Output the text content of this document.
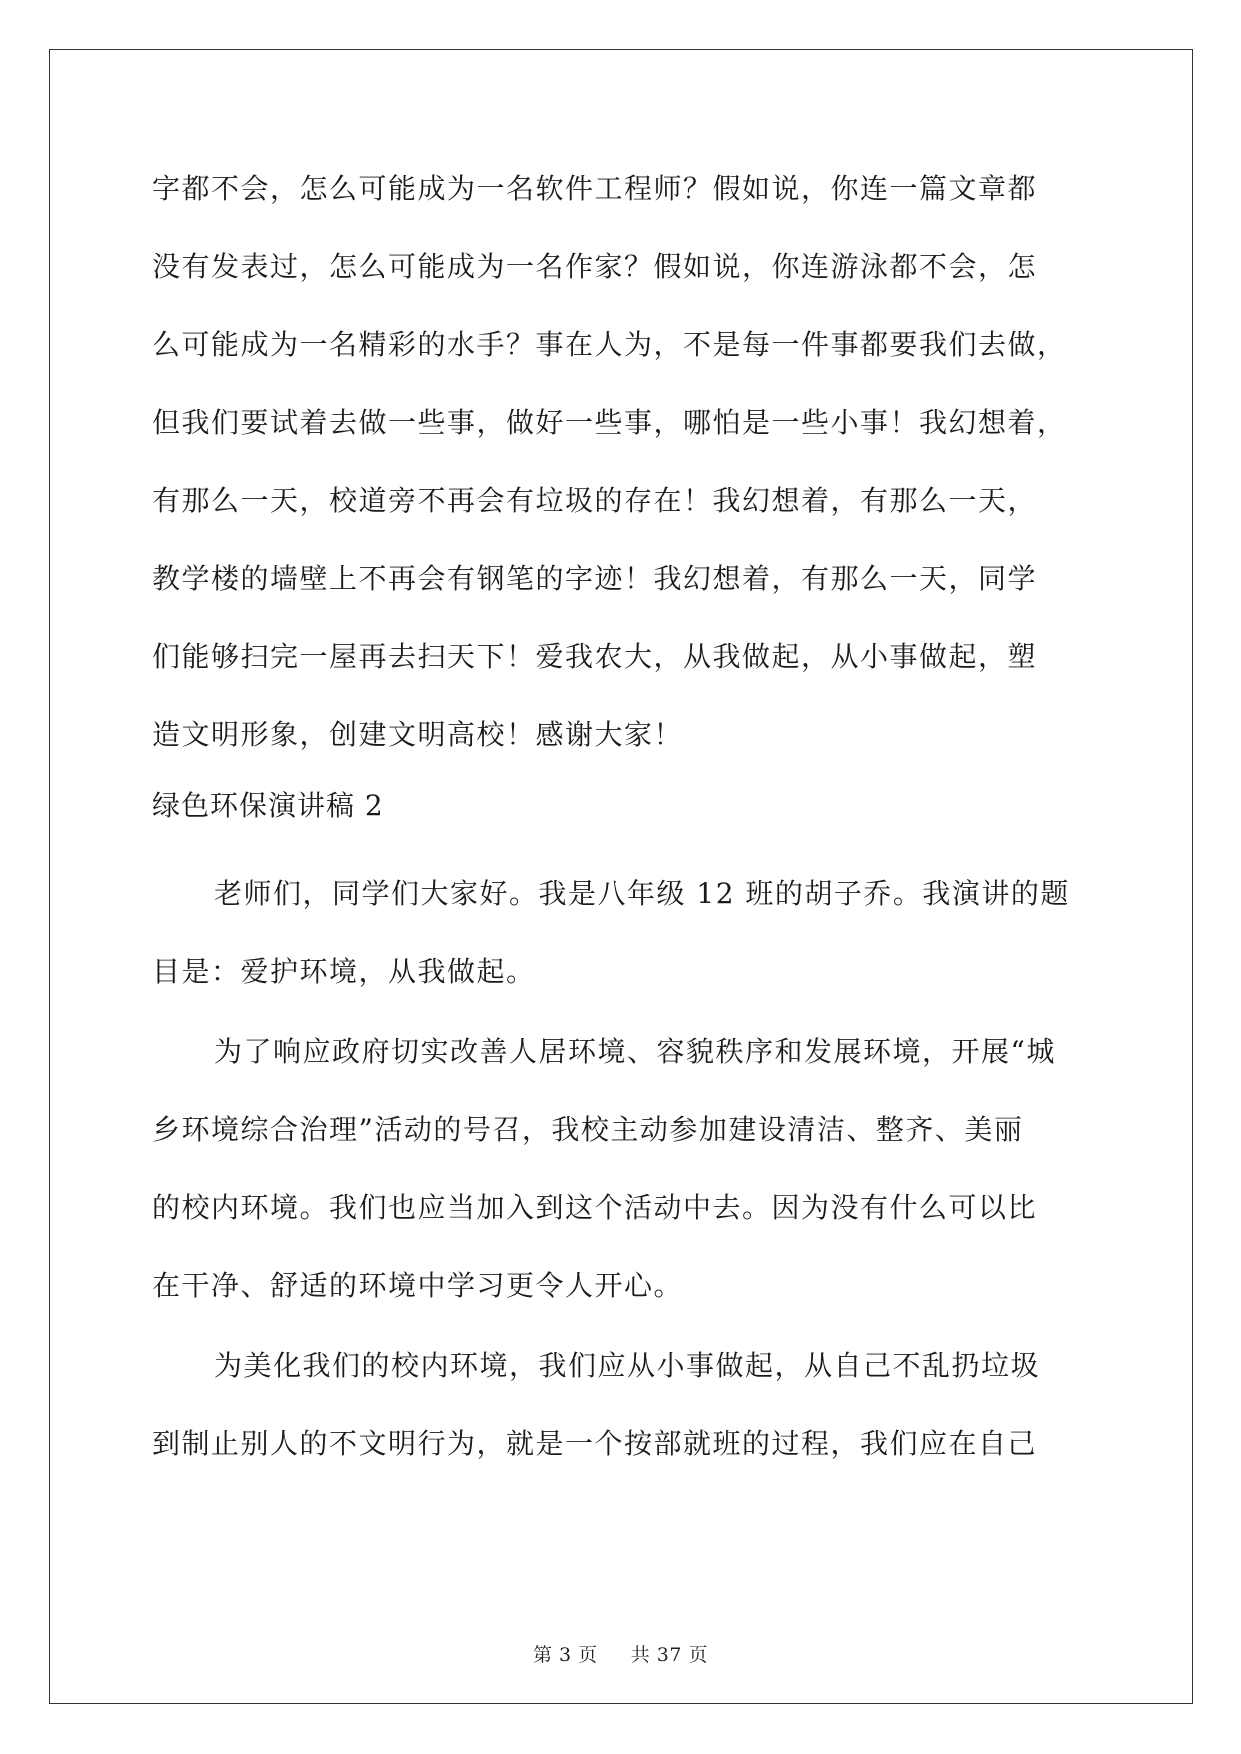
字都不会，怎么可能成为一名软件工程师？假如说，你连一篇文章都
没有发表过，怎么可能成为一名作家？假如说，你连游泳都不会，怎
么可能成为一名精彩的水手？事在人为，不是每一件事都要我们去做，
但我们要试着去做一些事，做好一些事，哪怕是一些小事！我幻想着，
有那么一天，校道旁不再会有垃圾的存在！我幻想着，有那么一天，
教学楼的墙壁上不再会有钢笔的字迹！我幻想着，有那么一天，同学
们能够扫完一屋再去扫天下！爱我农大，从我做起，从小事做起，塑
造文明形象，创建文明高校！感谢大家！
绿色环保演讲稿 2
老师们，同学们大家好。我是八年级 12 班的胡子乔。我演讲的题
目是：爱护环境，从我做起。
为了响应政府切实改善人居环境、容貌秩序和发展环境，开展“城
乡环境综合治理”活动的号召，我校主动参加建设清洁、整齐、美丽
的校内环境。我们也应当加入到这个活动中去。因为没有什么可以比
在干净、舒适的环境中学习更令人开心。
为美化我们的校内环境，我们应从小事做起，从自己不乱扔垃圾
到制止别人的不文明行为，就是一个按部就班的过程，我们应在自己
第 3 页 共 37 页
